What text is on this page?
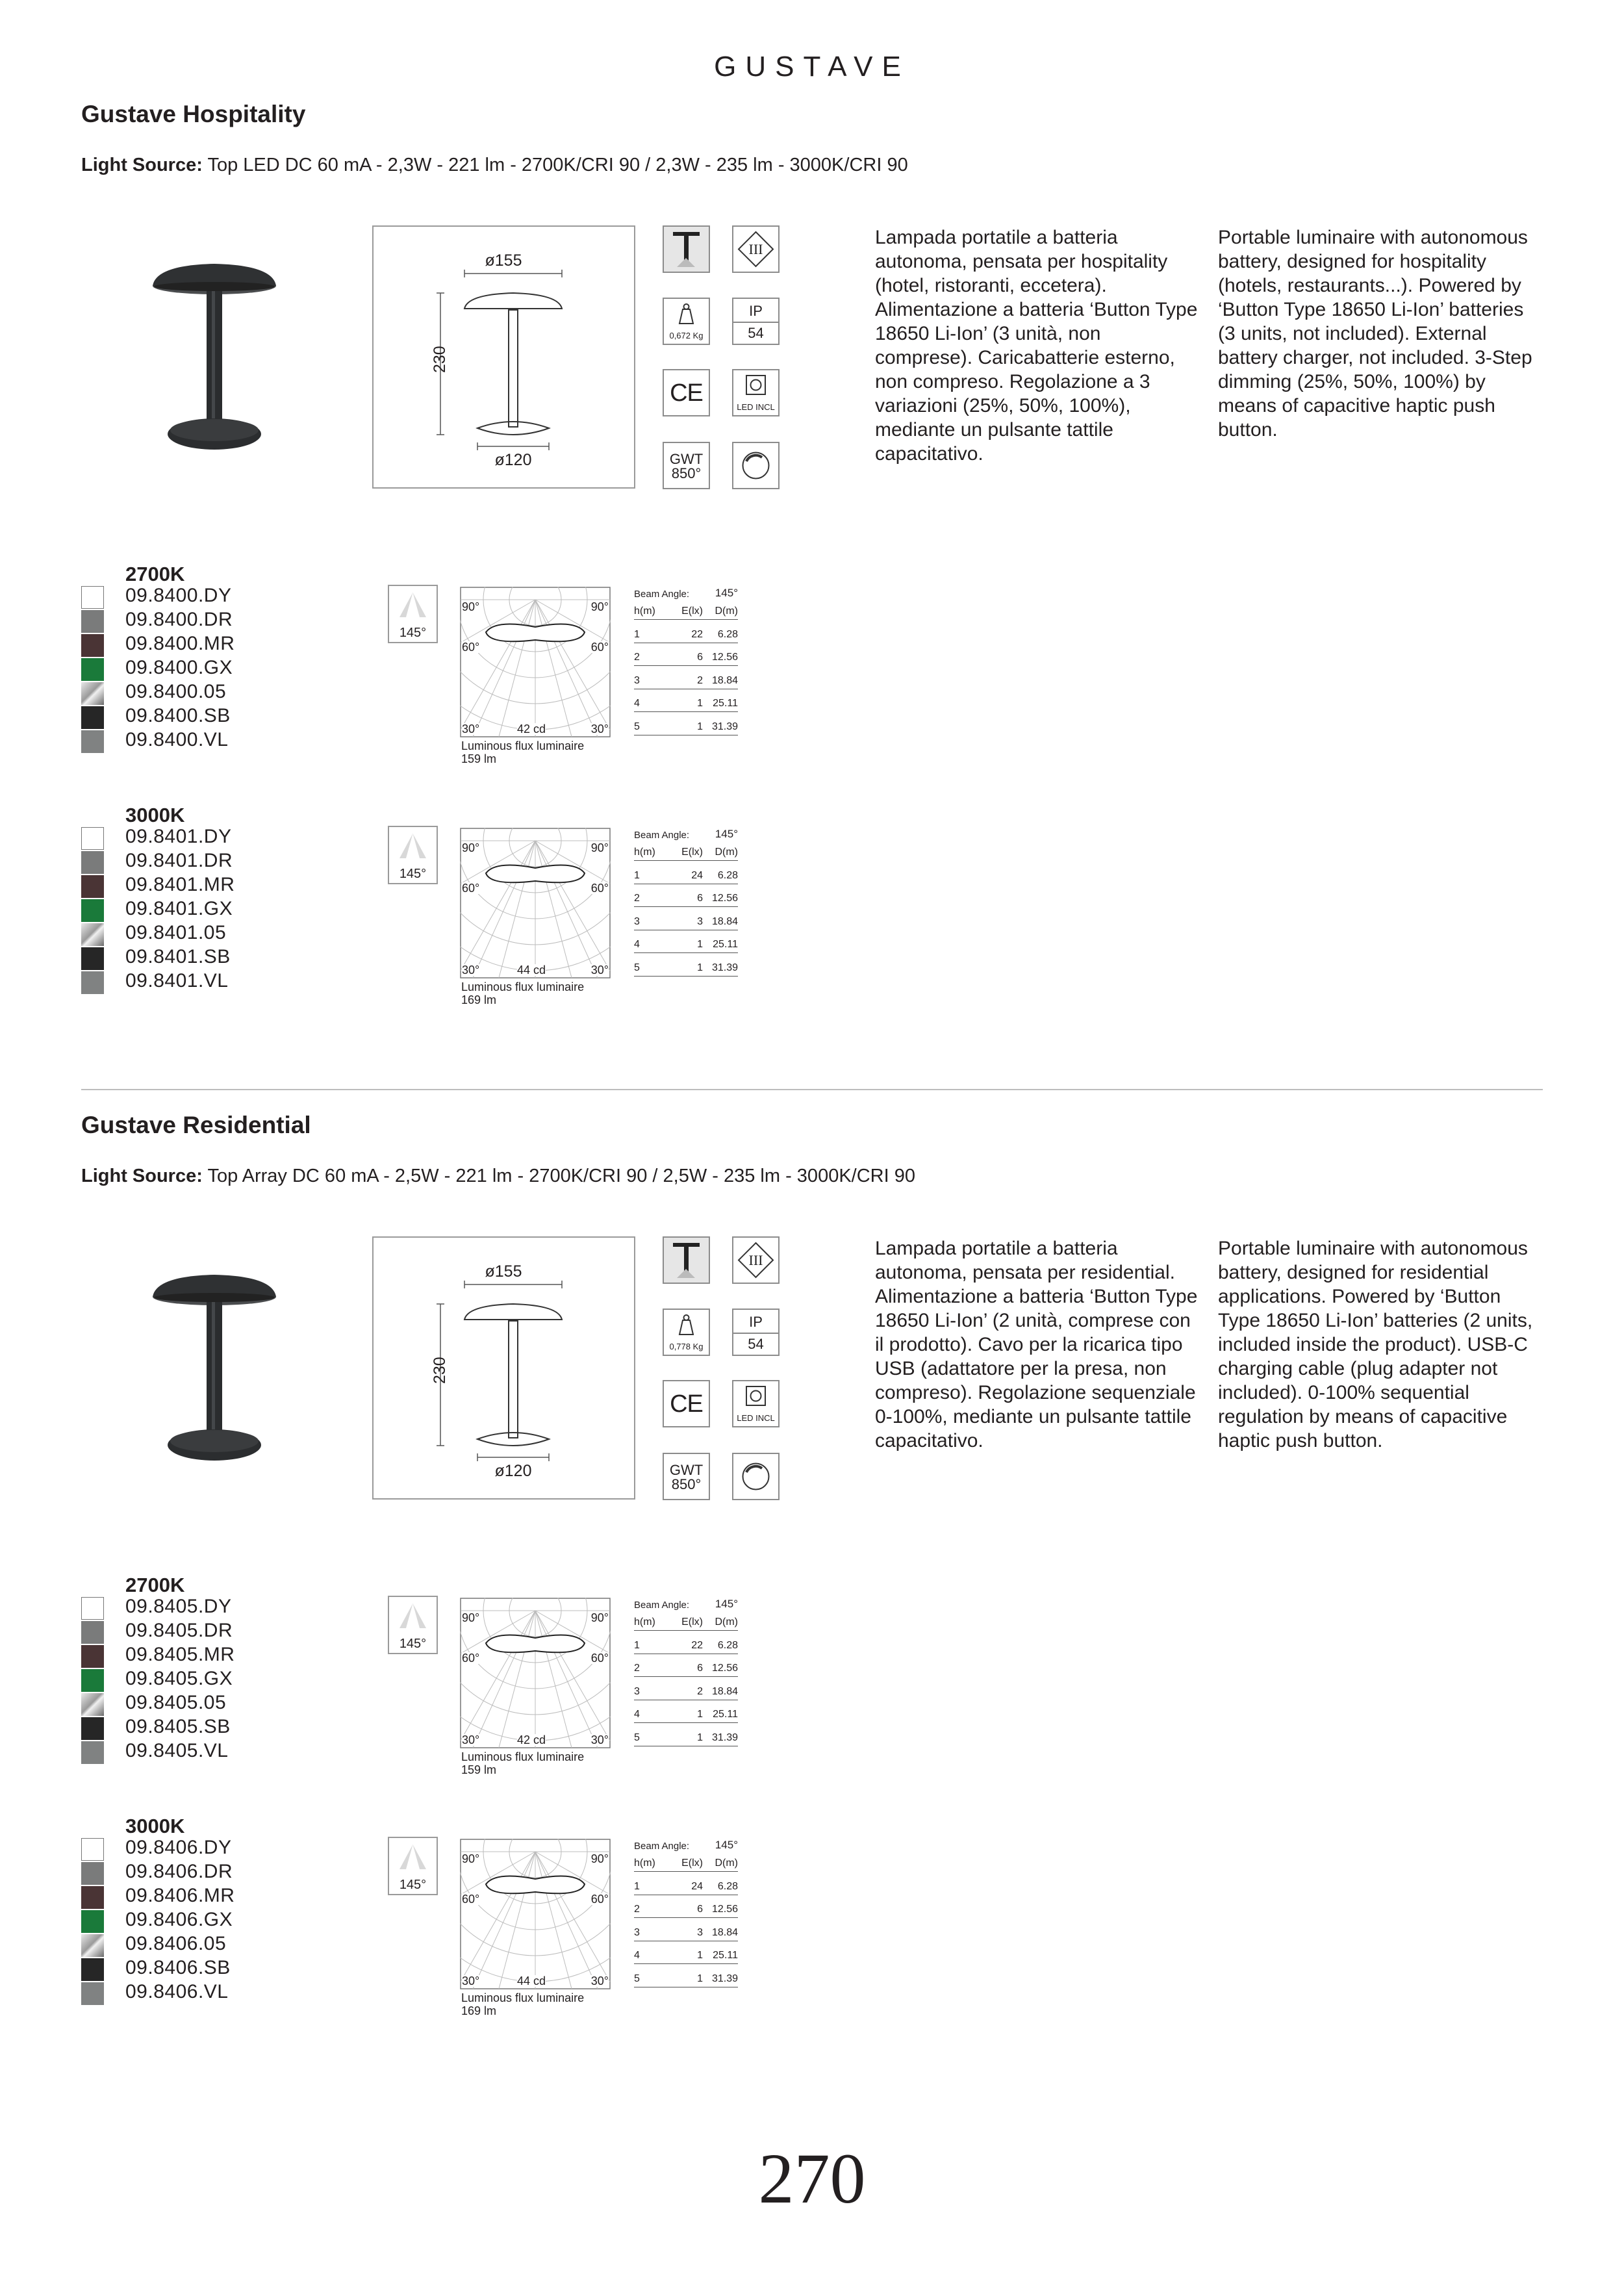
GUSTAVE
Gustave Hospitality
Light Source: Top LED DC 60 mA - 2,3W - 221 lm - 2700K/CRI 90 / 2,3W - 235 lm - 3000K/CRI 90
ø155
230
ø120
III
0,672 Kg
IP
54
CE
LED INCL
GWT
850°
Lampada portatile a batteria autonoma, pensata per hospitality (hotel, ristoranti, eccetera). Alimentazione a batteria ‘Button Type 18650 Li-Ion’ (3 unità, non comprese). Caricabatterie esterno, non compreso. Regolazione a 3 variazioni (25%, 50%, 100%), mediante un pulsante tattile capacitativo.
Portable luminaire with autonomous battery, designed for hospitality (hotels, restaurants...). Powered by ‘Button Type 18650 Li-Ion’ batteries (3 units, not included). External battery charger, not included. 3-Step dimming (25%, 50%, 100%) by means of capacitive haptic push button.
2700K
09.8400.DY
09.8400.DR
09.8400.MR
09.8400.GX
09.8400.05
09.8400.SB
09.8400.VL
145°
90°	90°
60°	60°
30°	42 cd	30°
Luminous flux luminaire
159 lm
Beam Angle: 145°
h(m)	E(lx) D(m)
1	22 6.28
2	6 12.56
3	2 18.84
4	1 25.11
5	1 31.39
3000K
09.8401.DY
09.8401.DR
09.8401.MR
09.8401.GX
09.8401.05
09.8401.SB
09.8401.VL
145°
90°	90°
60°	60°
30°	44 cd	30°
Luminous flux luminaire
169 lm
Beam Angle: 145°
h(m)	E(lx) D(m)
1	24 6.28
2	6 12.56
3	3 18.84
4	1 25.11
5	1 31.39
Gustave Residential
Light Source: Top Array DC 60 mA - 2,5W - 221 lm - 2700K/CRI 90 / 2,5W - 235 lm - 3000K/CRI 90
ø155
230
ø120
III
0,778 Kg
IP
54
CE
LED INCL
GWT
850°
Lampada portatile a batteria autonoma, pensata per residential. Alimentazione a batteria ‘Button Type 18650 Li-Ion’ (2 unità, comprese con il prodotto). Cavo per la ricarica tipo USB (adattatore per la presa, non compreso). Regolazione sequenziale 0-100%, mediante un pulsante tattile capacitativo.
Portable luminaire with autonomous battery, designed for residential applications. Powered by ‘Button Type 18650 Li-Ion’ batteries (2 units, included inside the product). USB-C charging cable (plug adapter not included). 0-100% sequential regulation by means of capacitive haptic push button.
2700K
09.8405.DY
09.8405.DR
09.8405.MR
09.8405.GX
09.8405.05
09.8405.SB
09.8405.VL
145°
90°	90°
60°	60°
30°	42 cd	30°
Luminous flux luminaire
159 lm
Beam Angle: 145°
h(m)	E(lx) D(m)
1	22 6.28
2	6 12.56
3	2 18.84
4	1 25.11
5	1 31.39
3000K
09.8406.DY
09.8406.DR
09.8406.MR
09.8406.GX
09.8406.05
09.8406.SB
09.8406.VL
145°
90°	90°
60°	60°
30°	44 cd	30°
Luminous flux luminaire
169 lm
Beam Angle: 145°
h(m)	E(lx) D(m)
1	24 6.28
2	6 12.56
3	3 18.84
4	1 25.11
5	1 31.39
270
